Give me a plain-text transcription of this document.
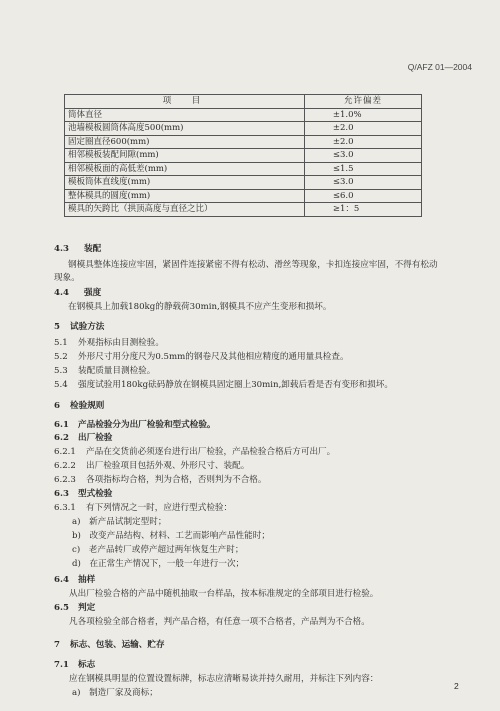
Q/AFZ 01—2004
项　目	允许偏差
筒体直径	±1.0%
池墙模板圆筒体高度500(mm)	±2.0
固定圈直径600(mm)	±2.0
相邻模板装配间隙(mm)	≤3.0
相邻模板面的高低差(mm)	≤1.5
模板筒体直线度(mm)	≤3.0
整体模具的圆度(mm)	≤6.0
模具的矢跨比（拱顶高度与直径之比）	≥1：5
4.3 装配
钢模具整体连接应牢固，紧固件连接紧密不得有松动、滑丝等现象，卡扣连接应牢固，不得有松动
现象。
4.4 强度
在钢模具上加载180kg的静载荷30min,钢模具不应产生变形和损坏。
5 试验方法
5.1 外观指标由目测检验。
5.2 外形尺寸用分度尺为0.5mm的钢卷尺及其他相应精度的通用量具检查。
5.3 装配质量目测检验。
5.4 强度试验用180kg砝码静放在钢模具固定圈上30min,卸载后看是否有变形和损坏。
6 检验规则
6.1 产品检验分为出厂检验和型式检验。
6.2 出厂检验
6.2.1 产品在交货前必须逐台进行出厂检验，产品检验合格后方可出厂。
6.2.2 出厂检验项目包括外观、外形尺寸、装配。
6.2.3 各项指标均合格，判为合格，否则判为不合格。
6.3 型式检验
6.3.1 有下列情况之一时，应进行型式检验：
a)　新产品试制定型时；
b)　改变产品结构、材料、工艺而影响产品性能时；
c)　老产品转厂或停产超过两年恢复生产时；
d)　在正常生产情况下，一般一年进行一次；
6.4 抽样
从出厂检验合格的产品中随机抽取一台样品，按本标准规定的全部项目进行检验。
6.5 判定
凡各项检验全部合格者，判产品合格，有任意一项不合格者，产品判为不合格。
7 标志、包装、运输、贮存
7.1 标志
应在钢模具明显的位置设置标牌，标志应清晰易读并持久耐用，并标注下列内容：
a)　制造厂家及商标；
2
